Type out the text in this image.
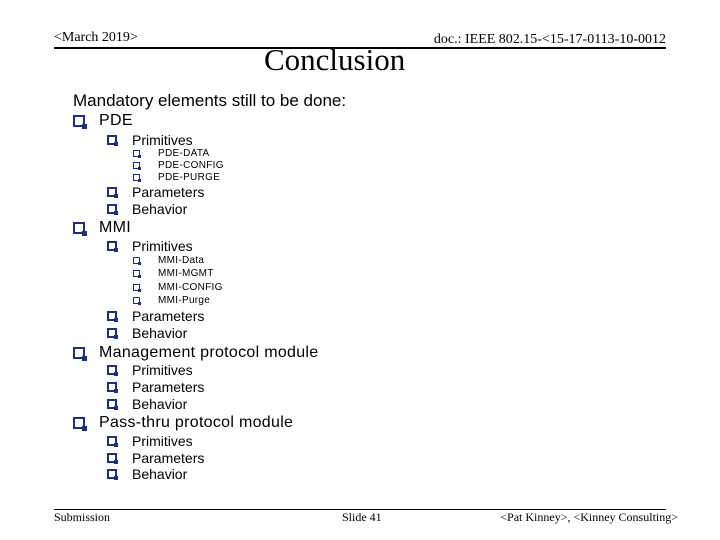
<March 2019>	doc.: IEEE 802.15-<15-17-0113-10-0012
Conclusion
Mandatory elements still to be done:
PDE
Primitives
PDE-DATA
PDE-CONFIG
PDE-PURGE
Parameters
Behavior
MMI
Primitives
MMI-Data
MMI-MGMT
MMI-CONFIG
MMI-Purge
Parameters
Behavior
Management protocol module
Primitives
Parameters
Behavior
Pass-thru protocol module
Primitives
Parameters
Behavior
Submission	Slide 41	<Pat Kinney>, <Kinney Consulting>
